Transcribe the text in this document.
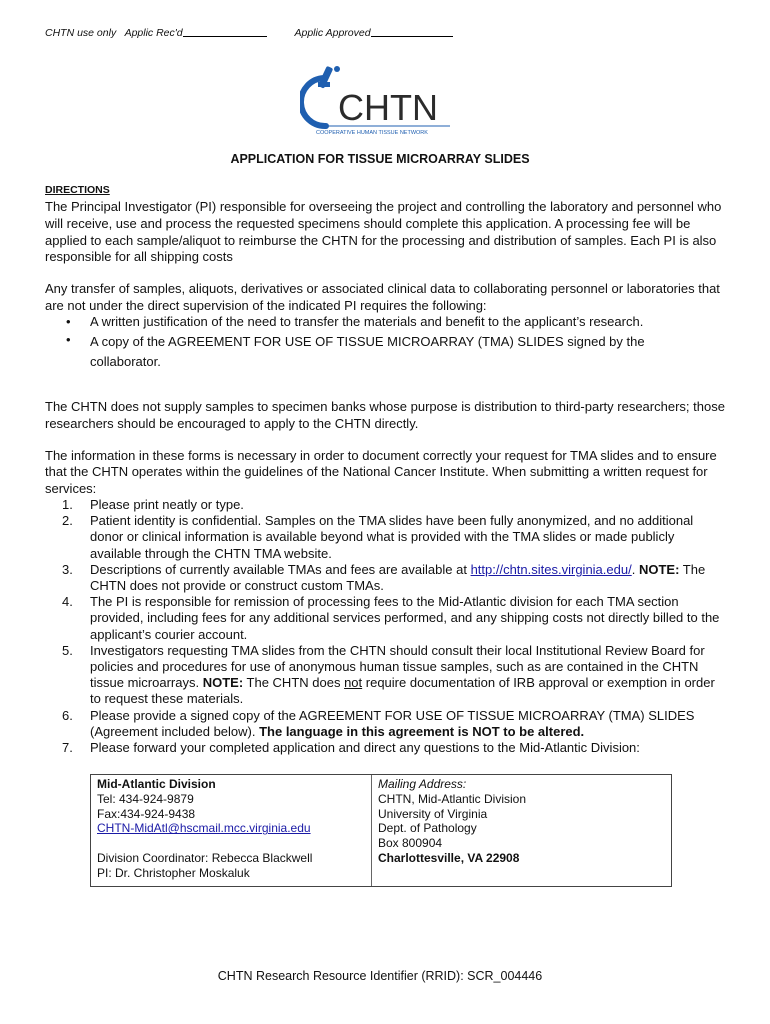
CHTN use only Applic Rec'd	Applic Approved
CHTN
COOPERATIVE HUMAN TISSUE NETWORK
APPLICATION FOR TISSUE MICROARRAY SLIDES
DIRECTIONS
The Principal Investigator (PI) responsible for overseeing the project and controlling the laboratory and personnel who will receive, use and process the requested specimens should complete this application. A processing fee will be applied to each sample/aliquot to reimburse the CHTN for the processing and distribution of samples. Each PI is also responsible for all shipping costs
Any transfer of samples, aliquots, derivatives or associated clinical data to collaborating personnel or laboratories that are not under the direct supervision of the indicated PI requires the following:
• A written justification of the need to transfer the materials and benefit to the applicant’s research.
• A copy of the AGREEMENT FOR USE OF TISSUE MICROARRAY (TMA) SLIDES signed by the collaborator.
The CHTN does not supply samples to specimen banks whose purpose is distribution to third-party researchers; those researchers should be encouraged to apply to the CHTN directly.
The information in these forms is necessary in order to document correctly your request for TMA slides and to ensure that the CHTN operates within the guidelines of the National Cancer Institute. When submitting a written request for services:
1. Please print neatly or type.
2. Patient identity is confidential. Samples on the TMA slides have been fully anonymized, and no additional donor or clinical information is available beyond what is provided with the TMA slides or made publicly available through the CHTN TMA website.
3. Descriptions of currently available TMAs and fees are available at http://chtn.sites.virginia.edu/. NOTE: The CHTN does not provide or construct custom TMAs.
4. The PI is responsible for remission of processing fees to the Mid-Atlantic division for each TMA section provided, including fees for any additional services performed, and any shipping costs not directly billed to the applicant’s courier account.
5. Investigators requesting TMA slides from the CHTN should consult their local Institutional Review Board for policies and procedures for use of anonymous human tissue samples, such as are contained in the CHTN tissue microarrays. NOTE: The CHTN does not require documentation of IRB approval or exemption in order to request these materials.
6. Please provide a signed copy of the AGREEMENT FOR USE OF TISSUE MICROARRAY (TMA) SLIDES (Agreement included below). The language in this agreement is NOT to be altered.
7. Please forward your completed application and direct any questions to the Mid-Atlantic Division:
Mid-Atlantic Division
Tel: 434-924-9879
Fax:434-924-9438
CHTN-MidAtl@hscmail.mcc.virginia.edu
Division Coordinator: Rebecca Blackwell
PI: Dr. Christopher Moskaluk
Mailing Address:
CHTN, Mid-Atlantic Division
University of Virginia
Dept. of Pathology
Box 800904
Charlottesville, VA 22908
CHTN Research Resource Identifier (RRID): SCR_004446
